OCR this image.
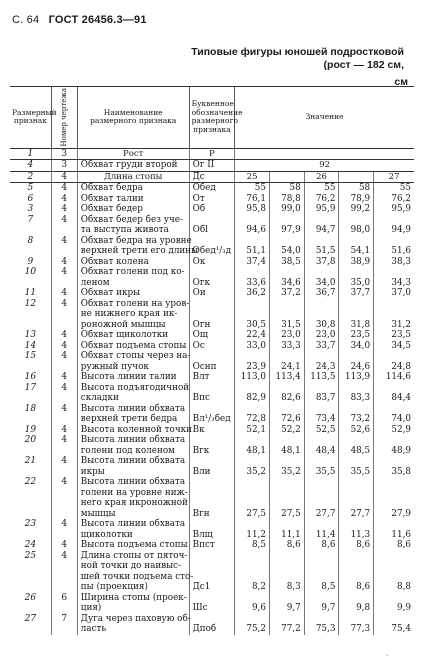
С. 64 ГОСТ 26456.3—91
Типовые фигуры юношей подростковой
(рост — 182 см,
см
Размерный признак	Номер чертежа	Наименование размерного признака	Буквенное обозначение размерного признака	Значение				
1	3	Рост	Р					
4	3	Обхват груди второй	Ог II	92				
2	4	Длина стопы	Дс	25		26		27
5	4	Обхват бедра	Обед	55	58	55	58	55
6	4	Обхват талии	От	76,1	78,8	76,2	78,9	76,2
3	4	Обхват бедер	Об	95,8	99,0	95,9	99,2	95,9
7	4	Обхват бедер без уче-						
		та выступа живота	Обl	94,6	97,9	94,7	98,0	94,9
8	4	Обхват бедра на уровне						
		верхней трети его длины	Обед¹/₃д	51,1	54,0	51,5	54,1	51,6
9	4	Обхват колена	Ок	37,4	38,5	37,8	38,9	38,3
10	4	Обхват голени под ко-						
		леном	Огк	33,6	34,6	34,0	35,0	34,3
11	4	Обхват икры	Ои	36,2	37,2	36,7	37,7	37,0
12	4	Обхват голени на уров-						
		не нижнего края ик-						
		роножной мышцы	Огн	30,5	31,5	30,8	31,8	31,2
13	4	Обхват щиколотки	Ощ	22,4	23,0	23,0	23,5	23,5
14	4	Обхват подъема стопы	Ос	33,0	33,3	33,7	34,0	34,5
15	4	Обхват стопы через на-						
		ружный пучок	Оснп	23,9	24,1	24,3	24,6	24,8
16	4	Высота линии талии	Влт	113,0	113,4	113,5	113,9	114,6
17	4	Высота подъягодичной						
		складки	Впс	82,9	82,6	83,7	83,3	84,4
18	4	Высота линии обхвата						
		верхней трети бедра	Вл¹/₃бед	72,8	72,6	73,4	73,2	74,0
19	4	Высота коленной точки	Вк	52,1	52,2	52,5	52,6	52,9
20	4	Высота линии обхвата						
		голени под коленом	Вгк	48,1	48,1	48,4	48,5	48,9
21	4	Высота линии обхвата						
		икры	Вли	35,2	35,2	35,5	35,5	35,8
22	4	Высота линии обхвата						
		голени на уровне ниж-						
		него края икроножной						
		мышцы	Вгн	27,5	27,5	27,7	27,7	27,9
23	4	Высота линии обхвата						
		щиколотки	Влщ	11,2	11,1	11,4	11,3	11,6
24	4	Высота подъема стопы	Впст	8,5	8,6	8,6	8,6	8,6
25	4	Длина стопы от пяточ-						
		ной точки до наивыс-						
		шей точки подъема сто-						
		пы (проекция)	Дс1	8,2	8,3	8,5	8,6	8,8
26	6	Ширина стопы (проек-						
		ция)	Шс	9,6	9,7	9,7	9,8	9,9
27	7	Дуга через паховую об-						
		ласть	Дпоб	75,2	77,2	75,3	77,3	75,4
ˎ
